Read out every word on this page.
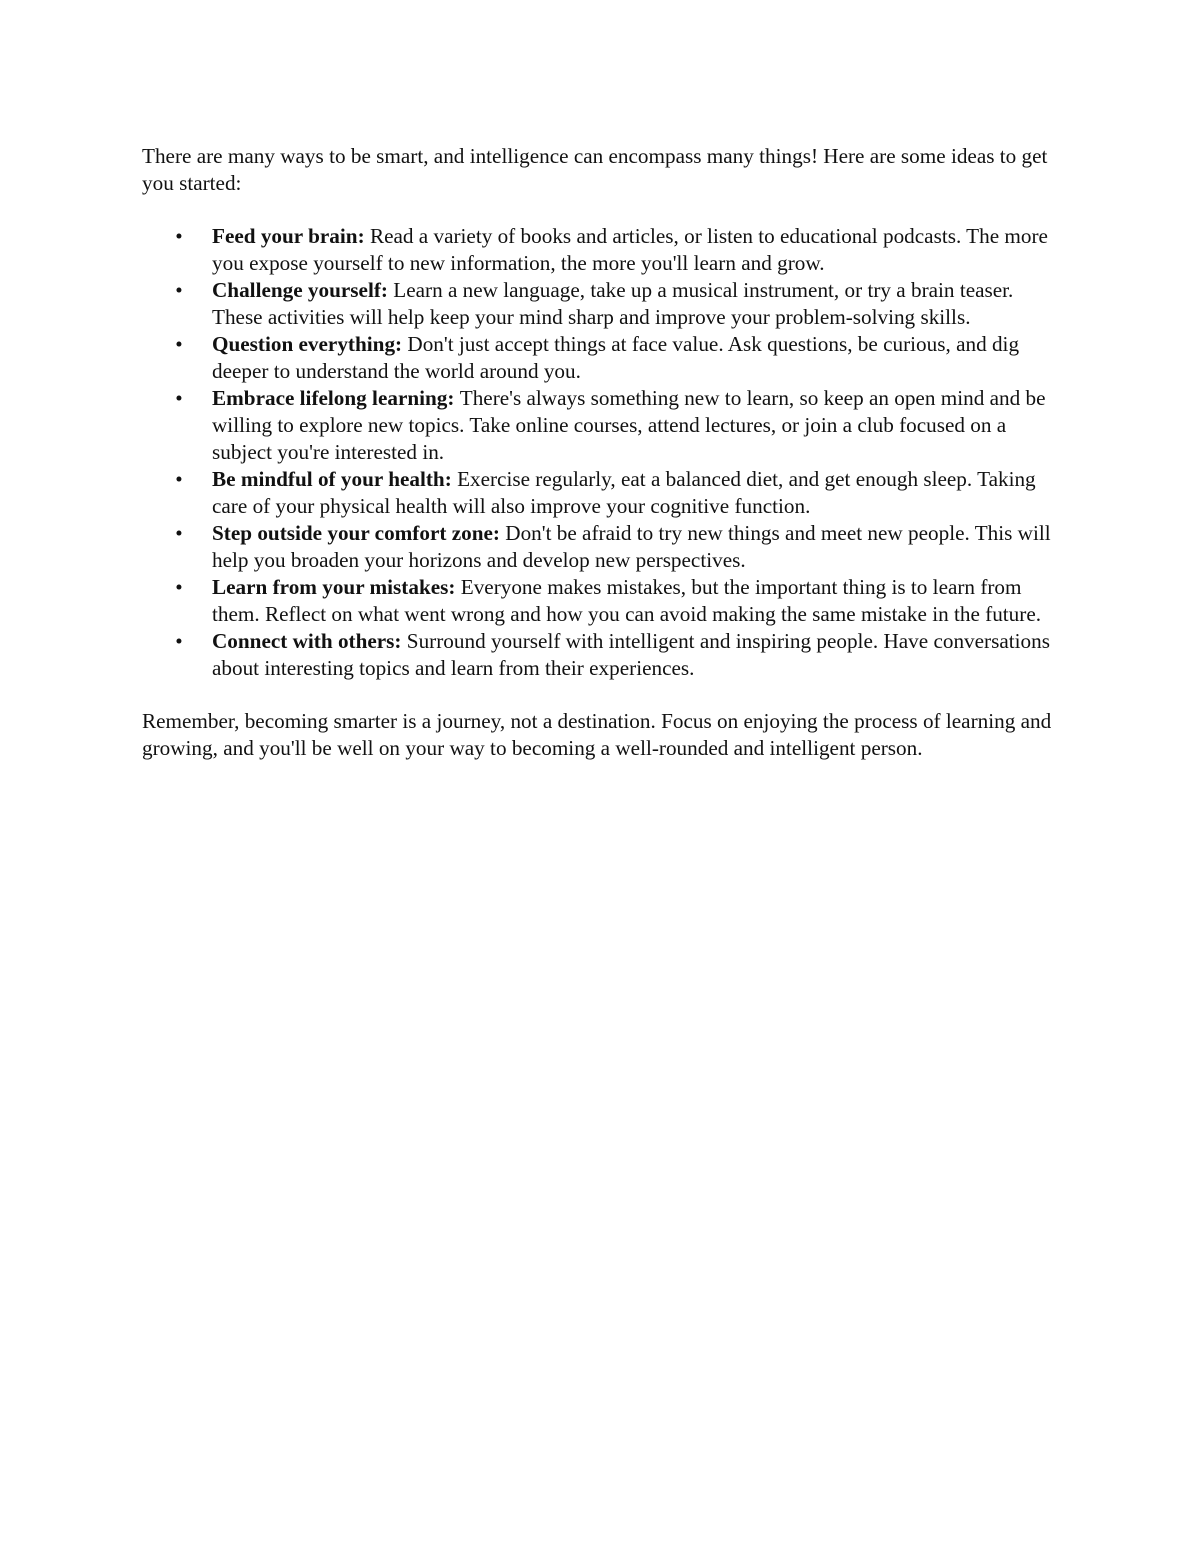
There are many ways to be smart, and intelligence can encompass many things! Here are some ideas to get you started:

• Feed your brain: Read a variety of books and articles, or listen to educational podcasts. The more you expose yourself to new information, the more you'll learn and grow.
• Challenge yourself: Learn a new language, take up a musical instrument, or try a brain teaser. These activities will help keep your mind sharp and improve your problem-solving skills.
• Question everything: Don't just accept things at face value. Ask questions, be curious, and dig deeper to understand the world around you.
• Embrace lifelong learning: There's always something new to learn, so keep an open mind and be willing to explore new topics. Take online courses, attend lectures, or join a club focused on a subject you're interested in.
• Be mindful of your health: Exercise regularly, eat a balanced diet, and get enough sleep. Taking care of your physical health will also improve your cognitive function.
• Step outside your comfort zone: Don't be afraid to try new things and meet new people. This will help you broaden your horizons and develop new perspectives.
• Learn from your mistakes: Everyone makes mistakes, but the important thing is to learn from them. Reflect on what went wrong and how you can avoid making the same mistake in the future.
• Connect with others: Surround yourself with intelligent and inspiring people. Have conversations about interesting topics and learn from their experiences.

Remember, becoming smarter is a journey, not a destination. Focus on enjoying the process of learning and growing, and you'll be well on your way to becoming a well-rounded and intelligent person.
